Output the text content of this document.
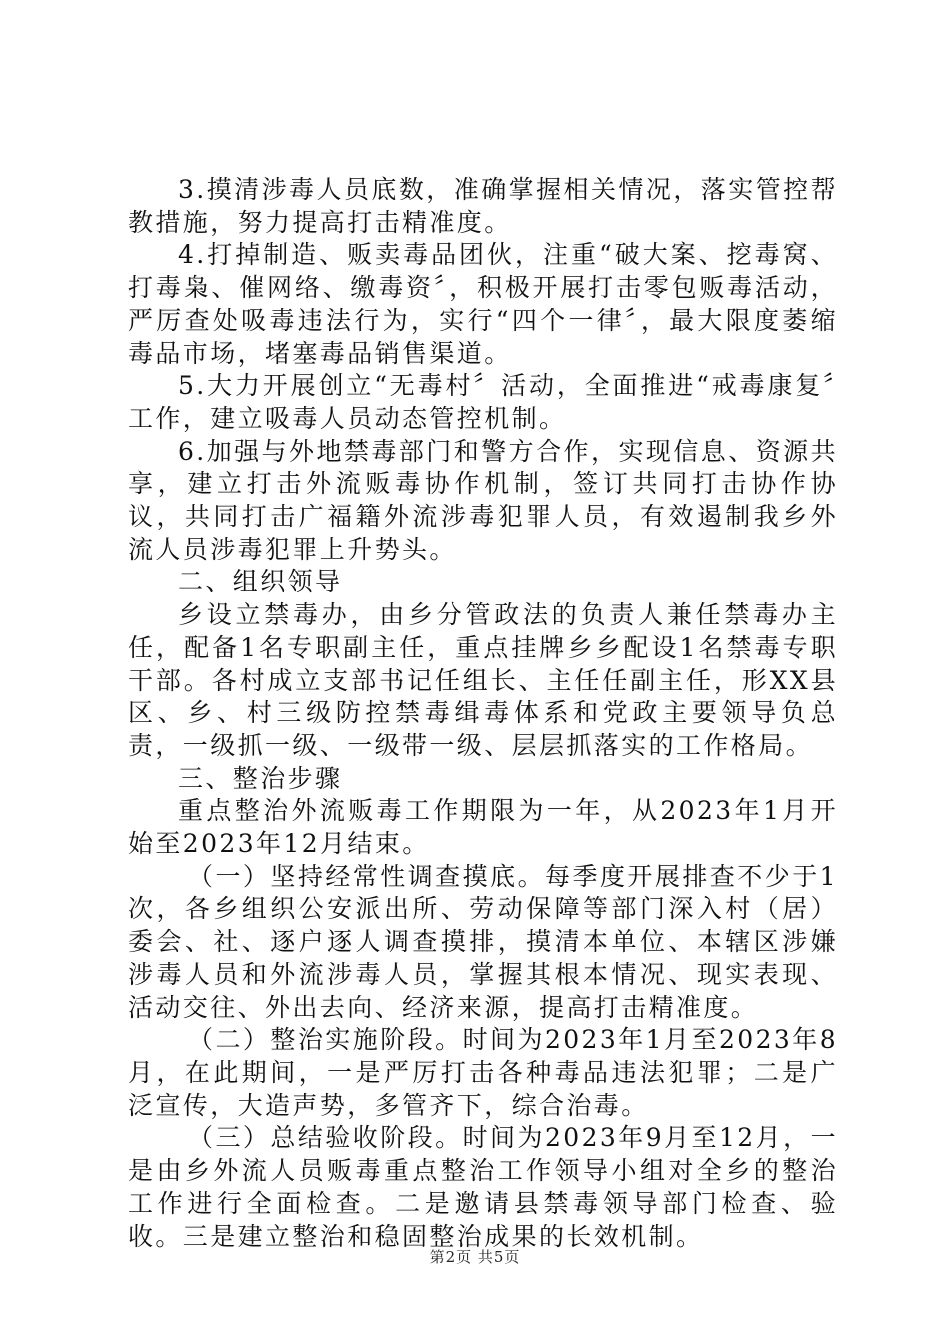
3.摸清涉毒人员底数，准确掌握相关情况，落实管控帮教措施，努力提高打击精准度。

4.打掉制造、贩卖毒品团伙，注重“破大案、挖毒窝、打毒枭、催网络、缴毒资〞，积极开展打击零包贩毒活动，严厉查处吸毒违法行为，实行“四个一律〞，最大限度萎缩毒品市场，堵塞毒品销售渠道。

5.大力开展创立“无毒村〞活动，全面推进“戒毒康复〞工作，建立吸毒人员动态管控机制。

6.加强与外地禁毒部门和警方合作，实现信息、资源共享，建立打击外流贩毒协作机制，签订共同打击协作协议，共同打击广福籍外流涉毒犯罪人员，有效遏制我乡外流人员涉毒犯罪上升势头。

二、组织领导

乡设立禁毒办，由乡分管政法的负责人兼任禁毒办主任，配备1名专职副主任，重点挂牌乡乡配设1名禁毒专职干部。各村成立支部书记任组长、主任任副主任，形XX县区、乡、村三级防控禁毒缉毒体系和党政主要领导负总责，一级抓一级、一级带一级、层层抓落实的工作格局。

三、整治步骤

重点整治外流贩毒工作期限为一年，从2023年1月开始至2023年12月结束。

（一）坚持经常性调查摸底。每季度开展排查不少于1次，各乡组织公安派出所、劳动保障等部门深入村（居）委会、社、逐户逐人调查摸排，摸清本单位、本辖区涉嫌涉毒人员和外流涉毒人员，掌握其根本情况、现实表现、活动交往、外出去向、经济来源，提高打击精准度。

（二）整治实施阶段。时间为2023年1月至2023年8月，在此期间，一是严厉打击各种毒品违法犯罪；二是广泛宣传，大造声势，多管齐下，综合治毒。

（三）总结验收阶段。时间为2023年9月至12月，一是由乡外流人员贩毒重点整治工作领导小组对全乡的整治工作进行全面检查。二是邀请县禁毒领导部门检查、验收。三是建立整治和稳固整治成果的长效机制。

第2页 共5页
